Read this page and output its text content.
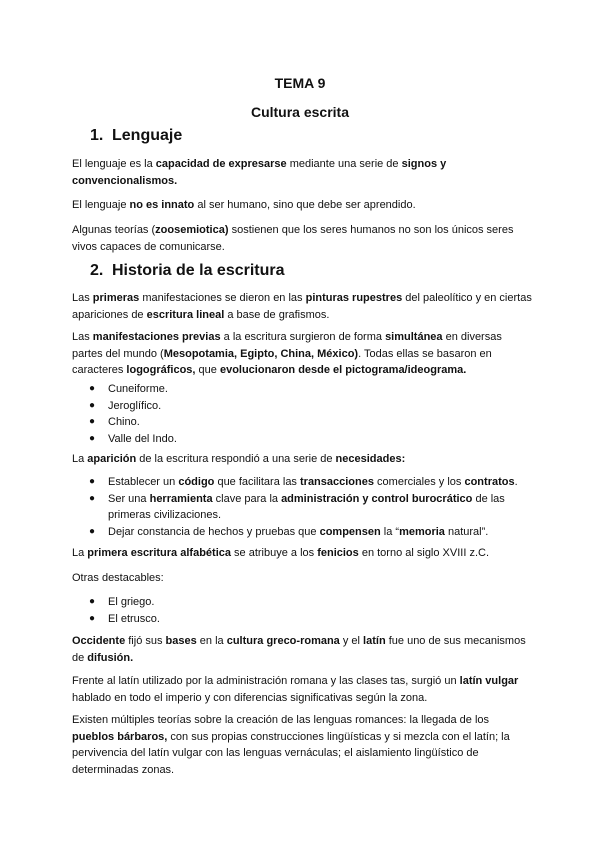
TEMA 9
Cultura escrita
1. Lenguaje

El lenguaje es la capacidad de expresarse mediante una serie de signos y convencionalismos.

El lenguaje no es innato al ser humano, sino que debe ser aprendido.

Algunas teorías (zoosemiotica) sostienen que los seres humanos no son los únicos seres vivos capaces de comunicarse.

2. Historia de la escritura

Las primeras manifestaciones se dieron en las pinturas rupestres del paleolítico y en ciertas apariciones de escritura lineal a base de grafismos.

Las manifestaciones previas a la escritura surgieron de forma simultánea en diversas partes del mundo (Mesopotamia, Egipto, China, México). Todas ellas se basaron en caracteres logográficos, que evolucionaron desde el pictograma/ideograma.

● Cuneiforme.
● Jeroglífico.
● Chino.
● Valle del Indo.

La aparición de la escritura respondió a una serie de necesidades:

● Establecer un código que facilitara las transacciones comerciales y los contratos.
● Ser una herramienta clave para la administración y control burocrático de las primeras civilizaciones.
● Dejar constancia de hechos y pruebas que compensen la “memoria natural”.

La primera escritura alfabética se atribuye a los fenicios en torno al siglo XVIII z.C.

Otras destacables:

● El griego.
● El etrusco.

Occidente fijó sus bases en la cultura greco-romana y el latín fue uno de sus mecanismos de difusión.

Frente al latín utilizado por la administración romana y las clases tas, surgió un latín vulgar hablado en todo el imperio y con diferencias significativas según la zona.

Existen múltiples teorías sobre la creación de las lenguas romances: la llegada de los pueblos bárbaros, con sus propias construcciones lingüísticas y si mezcla con el latín; la pervivencia del latín vulgar con las lenguas vernáculas; el aislamiento lingüístico de determinadas zonas.
